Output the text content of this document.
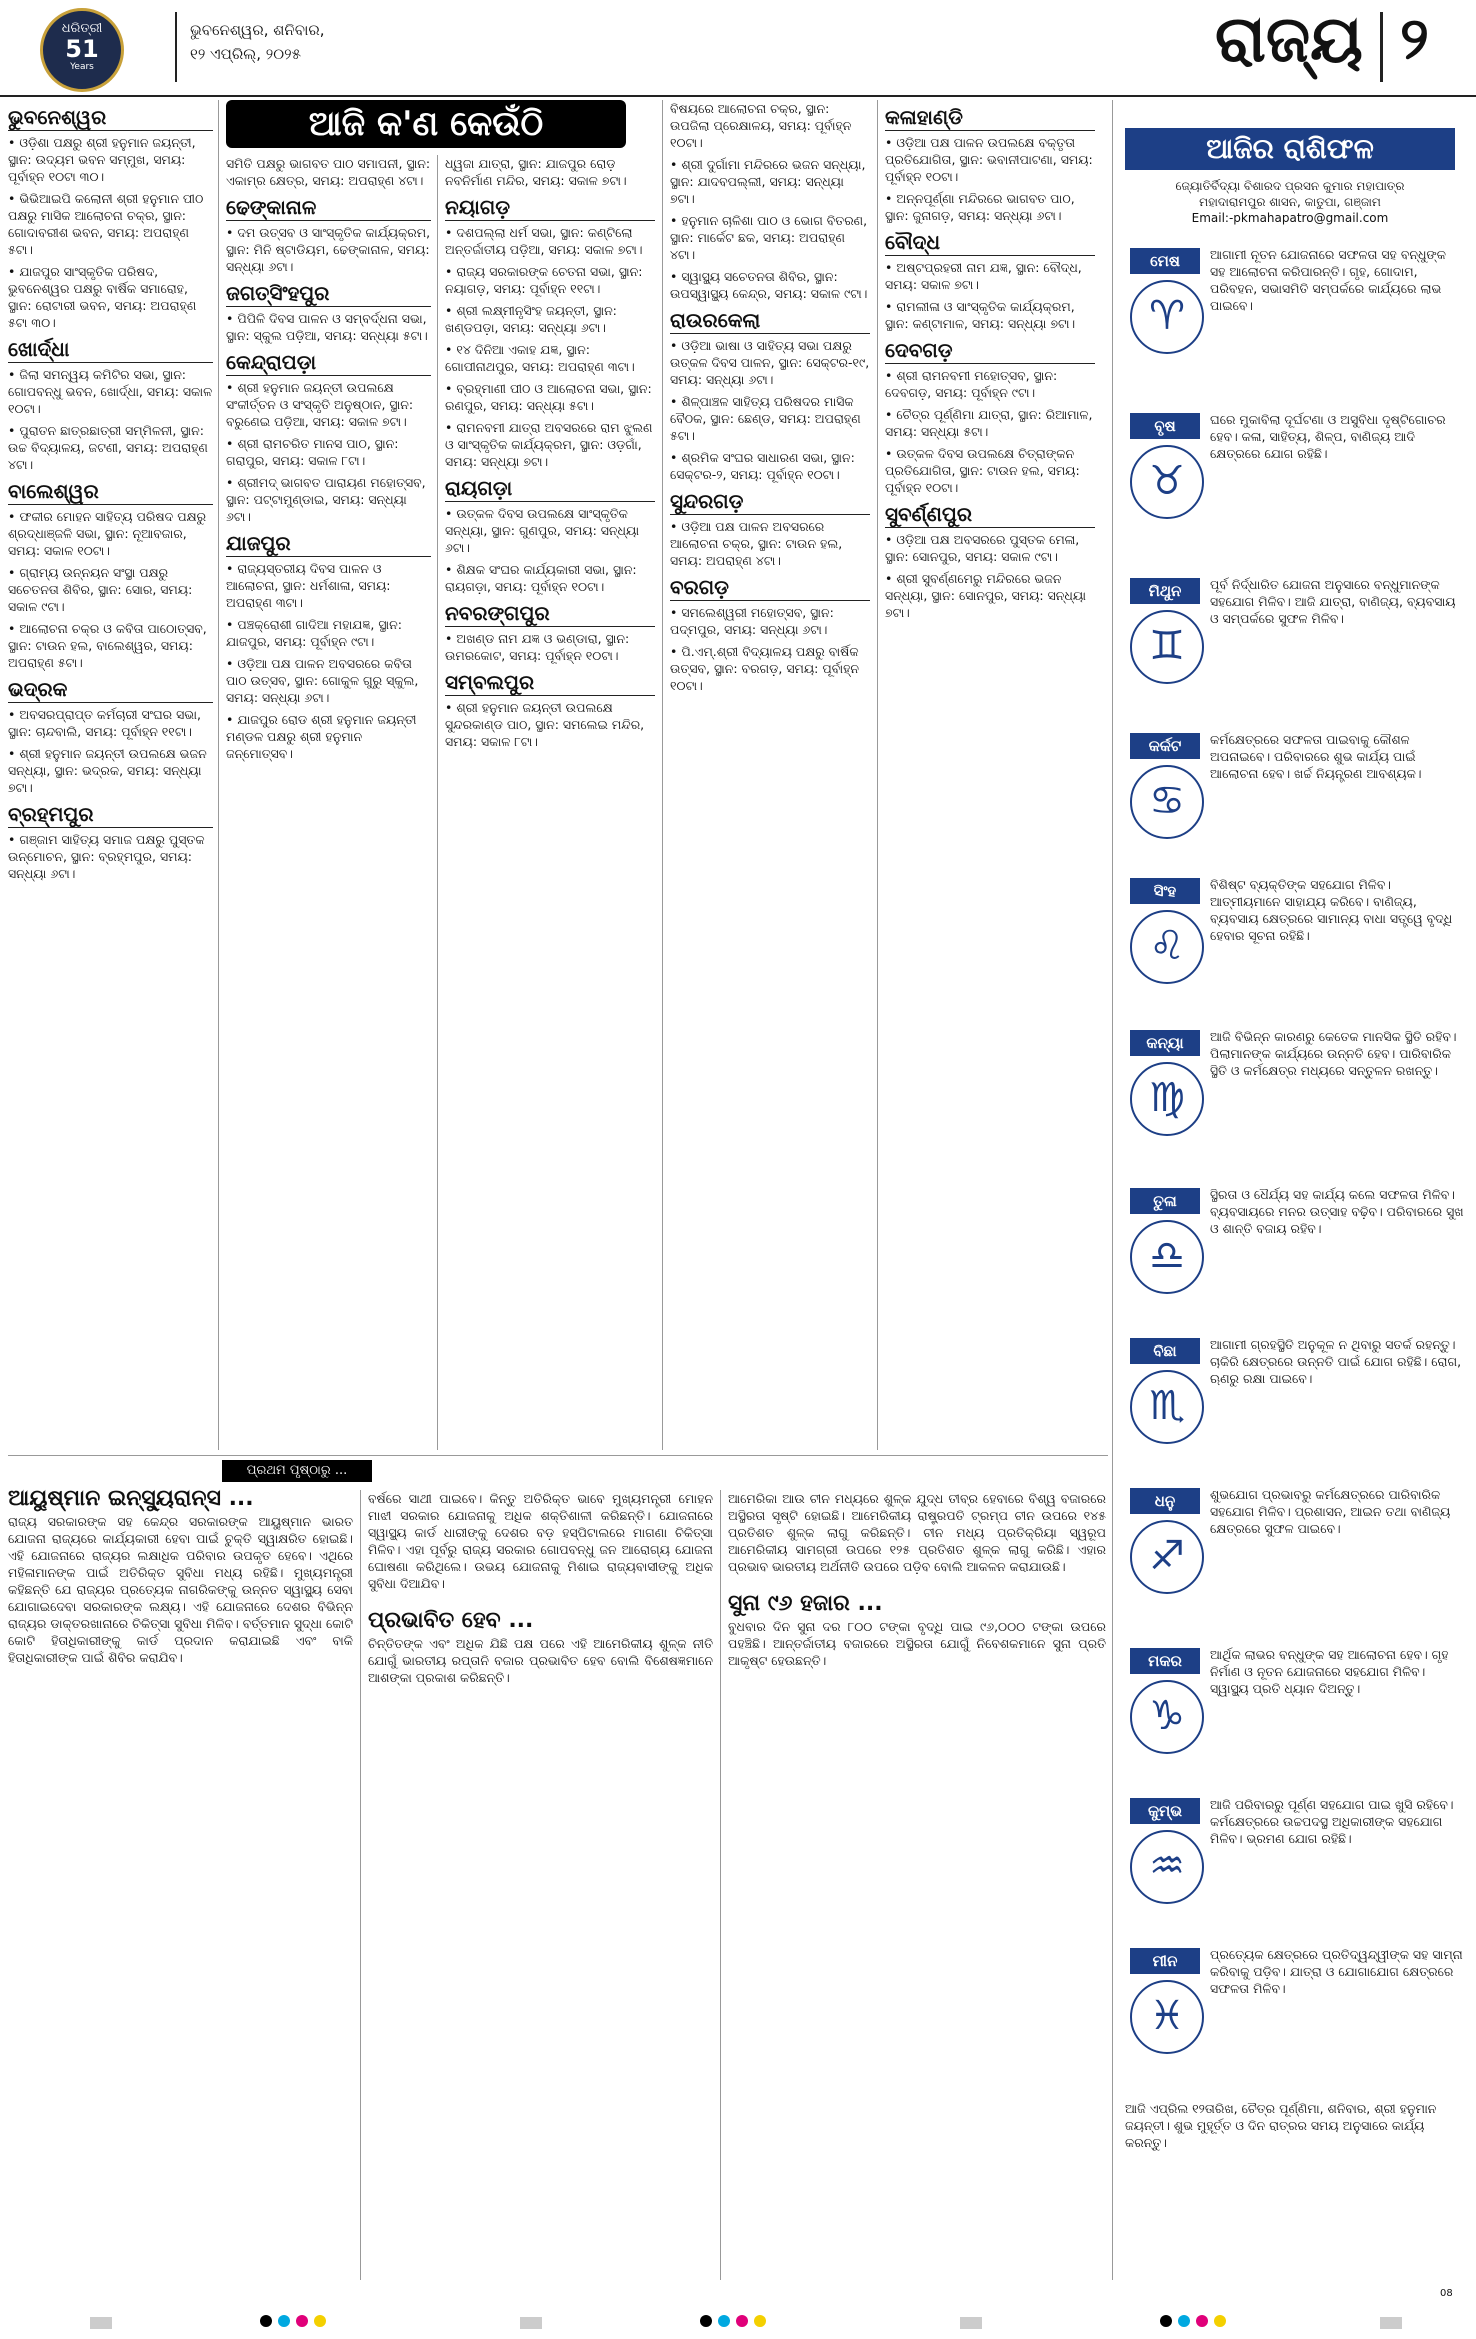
ଧରିତ୍ରୀ
51
Years
ଭୁବନେଶ୍ୱର, ଶନିବାର,
୧୨ ଏପ୍ରିଲ୍‌, ୨୦୨୫	ରାଜ୍ୟ ୨
ଆଜି କ'ଣ କେଉଁଠି
ଭୁବନେଶ୍ୱର

• ଓଡ଼ିଶା ପକ୍ଷରୁ ଶ୍ରୀ ହନୁମାନ ଜୟନ୍ତୀ, ସ୍ଥାନ: ଉଦ୍ୟମ ଭବନ ସମ୍ମୁଖ, ସମୟ: ପୂର୍ବାହ୍ନ ୧୦ଟା ୩୦।

• ଭିଭିଆଇପି କଲୋନୀ ଶ୍ରୀ ହନୁମାନ ପୀଠ ପକ୍ଷରୁ ମାସିକ ଆଲୋଚନା ଚକ୍ର, ସ୍ଥାନ: ଗୋଦାବରୀଶ ଭବନ, ସମୟ: ଅପରାହ୍ଣ ୫ଟା।

• ଯାଜପୁର ସାଂସ୍କୃତିକ ପରିଷଦ, ଭୁବନେଶ୍ୱର ପକ୍ଷରୁ ବାର୍ଷିକ ସମାରୋହ, ସ୍ଥାନ: ରୋଟାରୀ ଭବନ, ସମୟ: ଅପରାହ୍ଣ ୫ଟା ୩୦।

ଖୋର୍ଦ୍ଧା

• ଜିଲା ସମନ୍ୱୟ କମିଟିର ସଭା, ସ୍ଥାନ: ଗୋପବନ୍ଧୁ ଭବନ, ଖୋର୍ଦ୍ଧା, ସମୟ: ସକାଳ ୧୦ଟା।

• ପୁରାତନ ଛାତ୍ରଛାତ୍ରୀ ସମ୍ମିଳନୀ, ସ୍ଥାନ: ଉଚ୍ଚ ବିଦ୍ୟାଳୟ, ଜଟଣୀ, ସମୟ: ଅପରାହ୍ଣ ୪ଟା।

ବାଲେଶ୍ୱର

• ଫକୀର ମୋହନ ସାହିତ୍ୟ ପରିଷଦ ପକ୍ଷରୁ ଶ୍ରଦ୍ଧାଞ୍ଜଳି ସଭା, ସ୍ଥାନ: ନୂଆବଜାର, ସମୟ: ସକାଳ ୧୦ଟା।

• ଗ୍ରାମ୍ୟ ଉନ୍ନୟନ ସଂସ୍ଥା ପକ୍ଷରୁ ସଚେତନତା ଶିବିର, ସ୍ଥାନ: ସୋର, ସମୟ: ସକାଳ ୯ଟା।

• ଆଲୋଚନା ଚକ୍ର ଓ କବିତା ପାଠୋତ୍ସବ, ସ୍ଥାନ: ଟାଉନ ହଲ, ବାଲେଶ୍ୱର, ସମୟ: ଅପରାହ୍ଣ ୫ଟା।

ଭଦ୍ରକ

• ଅବସରପ୍ରାପ୍ତ କର୍ମଚାରୀ ସଂଘର ସଭା, ସ୍ଥାନ: ଚାନ୍ଦବାଲି, ସମୟ: ପୂର୍ବାହ୍ନ ୧୧ଟା।

• ଶ୍ରୀ ହନୁମାନ ଜୟନ୍ତୀ ଉପଲକ୍ଷେ ଭଜନ ସନ୍ଧ୍ୟା, ସ୍ଥାନ: ଭଦ୍ରକ, ସମୟ: ସନ୍ଧ୍ୟା ୭ଟା।

ବ୍ରହ୍ମପୁର

• ଗଞ୍ଜାମ ସାହିତ୍ୟ ସମାଜ ପକ୍ଷରୁ ପୁସ୍ତକ ଉନ୍ମୋଚନ, ସ୍ଥାନ: ବ୍ରହ୍ମପୁର, ସମୟ: ସନ୍ଧ୍ୟା ୬ଟା।

ସମିତି ପକ୍ଷରୁ ଭାଗବତ ପାଠ ସମାପନୀ, ସ୍ଥାନ: ଏକାମ୍ର କ୍ଷେତ୍ର, ସମୟ: ଅପରାହ୍ଣ ୪ଟା।

ଢେଙ୍କାନାଳ

• ଦମ ଉତ୍ସବ ଓ ସାଂସ୍କୃତିକ କାର୍ଯ୍ୟକ୍ରମ, ସ୍ଥାନ: ମିନି ଷ୍ଟାଡିୟମ, ଢେଙ୍କାନାଳ, ସମୟ: ସନ୍ଧ୍ୟା ୬ଟା।

ଜଗତ୍‌ସିଂହପୁର

• ପିପିଳି ଦିବସ ପାଳନ ଓ ସମ୍ବର୍ଦ୍ଧନା ସଭା, ସ୍ଥାନ: ସ୍କୁଲ ପଡ଼ିଆ, ସମୟ: ସନ୍ଧ୍ୟା ୫ଟା।

କେନ୍ଦ୍ରାପଡ଼ା

• ଶ୍ରୀ ହନୁମାନ ଜୟନ୍ତୀ ଉପଲକ୍ଷେ ସଂକୀର୍ତ୍ତନ ଓ ସଂସ୍କୃତି ଅନୁଷ୍ଠାନ, ସ୍ଥାନ: ବରୁଣେଇ ପଡ଼ିଆ, ସମୟ: ସକାଳ ୭ଟା।

• ଶ୍ରୀ ରାମଚରିତ ମାନସ ପାଠ, ସ୍ଥାନ: ଗରାପୁର, ସମୟ: ସକାଳ ୮ଟା।

• ଶ୍ରୀମଦ୍ ଭାଗବତ ପାରାୟଣ ମହୋତ୍ସବ, ସ୍ଥାନ: ପଟ୍ଟାମୁଣ୍ଡାଇ, ସମୟ: ସନ୍ଧ୍ୟା ୬ଟା।

ଯାଜପୁର

• ରାଜ୍ୟସ୍ତରୀୟ ଦିବସ ପାଳନ ଓ ଆଲୋଚନା, ସ୍ଥାନ: ଧର୍ମଶାଳା, ସମୟ: ଅପରାହ୍ଣ ୩ଟା।

• ପଞ୍ଚକ୍ରୋଶୀ ଗାଦିଆ ମହାଯଜ୍ଞ, ସ୍ଥାନ: ଯାଜପୁର, ସମୟ: ପୂର୍ବାହ୍ନ ୯ଟା।

• ଓଡ଼ିଆ ପକ୍ଷ ପାଳନ ଅବସରରେ କବିତା ପାଠ ଉତ୍ସବ, ସ୍ଥାନ: ଗୋକୁଳ ଗୁରୁ ସ୍କୁଲ, ସମୟ: ସନ୍ଧ୍ୟା ୬ଟା।

• ଯାଜପୁର ରୋଡ ଶ୍ରୀ ହନୁମାନ ଜୟନ୍ତୀ ମଣ୍ଡଳ ପକ୍ଷରୁ ଶ୍ରୀ ହନୁମାନ ଜନ୍ମୋତ୍ସବ।

ଧ୍ୱଜା ଯାତ୍ରା, ସ୍ଥାନ: ଯାଜପୁର ରୋଡ଼ ନବନିର୍ମାଣ ମନ୍ଦିର, ସମୟ: ସକାଳ ୭ଟା।

ନୟାଗଡ଼

• ଦଶପଲ୍ଲା ଧର୍ମ ସଭା, ସ୍ଥାନ: କଣ୍ଟିଲୋ ଅନ୍ତର୍ଜାତୀୟ ପଡ଼ିଆ, ସମୟ: ସକାଳ ୭ଟା।

• ରାଜ୍ୟ ସରକାରଙ୍କ ଚେତନା ସଭା, ସ୍ଥାନ: ନୟାଗଡ଼, ସମୟ: ପୂର୍ବାହ୍ନ ୧୧ଟା।

• ଶ୍ରୀ ଲକ୍ଷ୍ମୀନୃସିଂହ ଜୟନ୍ତୀ, ସ୍ଥାନ: ଖଣ୍ଡପଡ଼ା, ସମୟ: ସନ୍ଧ୍ୟା ୬ଟା।

• ୧୪ ଦିନିଆ ଏକାହ ଯଜ୍ଞ, ସ୍ଥାନ: ଗୋପୀନାଥପୁର, ସମୟ: ଅପରାହ୍ଣ ୩ଟା।

• ବ୍ରହ୍ମାଣୀ ପୀଠ ଓ ଆଲୋଚନା ସଭା, ସ୍ଥାନ: ରଣପୁର, ସମୟ: ସନ୍ଧ୍ୟା ୫ଟା।

• ରାମନବମୀ ଯାତ୍ରା ଅବସରରେ ରାମ ଝୁଲଣ ଓ ସାଂସ୍କୃତିକ କାର୍ଯ୍ୟକ୍ରମ, ସ୍ଥାନ: ଓଡ଼ଗାଁ, ସମୟ: ସନ୍ଧ୍ୟା ୭ଟା।

ରାୟଗଡ଼ା

• ଉତ୍କଳ ଦିବସ ଉପଲକ୍ଷେ ସାଂସ୍କୃତିକ ସନ୍ଧ୍ୟା, ସ୍ଥାନ: ଗୁଣପୁର, ସମୟ: ସନ୍ଧ୍ୟା ୬ଟା।

• ଶିକ୍ଷକ ସଂଘର କାର୍ଯ୍ୟକାରୀ ସଭା, ସ୍ଥାନ: ରାୟଗଡ଼ା, ସମୟ: ପୂର୍ବାହ୍ନ ୧୦ଟା।

ନବରଙ୍ଗପୁର

• ଅଖଣ୍ଡ ନାମ ଯଜ୍ଞ ଓ ଭଣ୍ଡାରା, ସ୍ଥାନ: ଉମରକୋଟ, ସମୟ: ପୂର୍ବାହ୍ନ ୧୦ଟା।

ସମ୍ବଲପୁର

• ଶ୍ରୀ ହନୁମାନ ଜୟନ୍ତୀ ଉପଲକ୍ଷେ ସୁନ୍ଦରକାଣ୍ଡ ପାଠ, ସ୍ଥାନ: ସମଲେଇ ମନ୍ଦିର, ସମୟ: ସକାଳ ୮ଟା।

ବିଷୟରେ ଆଲୋଚନା ଚକ୍ର, ସ୍ଥାନ: ଉପଜିଲା ପ୍ରେକ୍ଷାଳୟ, ସମୟ: ପୂର୍ବାହ୍ନ ୧୦ଟା।

• ଶ୍ରୀ ଦୁର୍ଗାମା ମନ୍ଦିରରେ ଭଜନ ସନ୍ଧ୍ୟା, ସ୍ଥାନ: ଯାଦବପଲ୍ଲୀ, ସମୟ: ସନ୍ଧ୍ୟା ୭ଟା।

• ହନୁମାନ ଚାଳିଶା ପାଠ ଓ ଭୋଗ ବିତରଣ, ସ୍ଥାନ: ମାର୍କେଟ ଛକ, ସମୟ: ଅପରାହ୍ଣ ୪ଟା।

• ସ୍ୱାସ୍ଥ୍ୟ ସଚେତନତା ଶିବିର, ସ୍ଥାନ: ଉପସ୍ୱାସ୍ଥ୍ୟ କେନ୍ଦ୍ର, ସମୟ: ସକାଳ ୯ଟା।

ରାଉରକେଲା

• ଓଡ଼ିଆ ଭାଷା ଓ ସାହିତ୍ୟ ସଭା ପକ୍ଷରୁ ଉତ୍କଳ ଦିବସ ପାଳନ, ସ୍ଥାନ: ସେକ୍ଟର-୧୯, ସମୟ: ସନ୍ଧ୍ୟା ୬ଟା।

• ଶିଳ୍ପାଞ୍ଚଳ ସାହିତ୍ୟ ପରିଷଦର ମାସିକ ବୈଠକ, ସ୍ଥାନ: ଛେଣ୍ଡ, ସମୟ: ଅପରାହ୍ଣ ୫ଟା।

• ଶ୍ରମିକ ସଂଘର ସାଧାରଣ ସଭା, ସ୍ଥାନ: ସେକ୍ଟର-୨, ସମୟ: ପୂର୍ବାହ୍ନ ୧୦ଟା।

ସୁନ୍ଦରଗଡ଼

• ଓଡ଼ିଆ ପକ୍ଷ ପାଳନ ଅବସରରେ ଆଲୋଚନା ଚକ୍ର, ସ୍ଥାନ: ଟାଉନ ହଲ, ସମୟ: ଅପରାହ୍ଣ ୪ଟା।

ବରଗଡ଼

• ସମଲେଶ୍ୱରୀ ମହୋତ୍ସବ, ସ୍ଥାନ: ପଦ୍ମପୁର, ସମୟ: ସନ୍ଧ୍ୟା ୬ଟା।

• ପି.ଏମ୍‌.ଶ୍ରୀ ବିଦ୍ୟାଳୟ ପକ୍ଷରୁ ବାର୍ଷିକ ଉତ୍ସବ, ସ୍ଥାନ: ବରଗଡ଼, ସମୟ: ପୂର୍ବାହ୍ନ ୧୦ଟା।

କଳାହାଣ୍ଡି

• ଓଡ଼ିଆ ପକ୍ଷ ପାଳନ ଉପଲକ୍ଷେ ବକ୍ତୃତା ପ୍ରତିଯୋଗିତା, ସ୍ଥାନ: ଭବାନୀପାଟଣା, ସମୟ: ପୂର୍ବାହ୍ନ ୧୦ଟା।

• ଅନ୍ନପୂର୍ଣ୍ଣା ମନ୍ଦିରରେ ଭାଗବତ ପାଠ, ସ୍ଥାନ: ଜୁନାଗଡ଼, ସମୟ: ସନ୍ଧ୍ୟା ୬ଟା।

ବୌଦ୍ଧ

• ଅଷ୍ଟପ୍ରହରୀ ନାମ ଯଜ୍ଞ, ସ୍ଥାନ: ବୌଦ୍ଧ, ସମୟ: ସକାଳ ୭ଟା।

• ରାମଲୀଳା ଓ ସାଂସ୍କୃତିକ କାର୍ଯ୍ୟକ୍ରମ, ସ୍ଥାନ: କଣ୍ଟାମାଳ, ସମୟ: ସନ୍ଧ୍ୟା ୭ଟା।

ଦେବଗଡ଼

• ଶ୍ରୀ ରାମନବମୀ ମହୋତ୍ସବ, ସ୍ଥାନ: ଦେବଗଡ଼, ସମୟ: ପୂର୍ବାହ୍ନ ୯ଟା।

• ଚୈତ୍ର ପୂର୍ଣ୍ଣିମା ଯାତ୍ରା, ସ୍ଥାନ: ରିଆମାଳ, ସମୟ: ସନ୍ଧ୍ୟା ୫ଟା।

• ଉତ୍କଳ ଦିବସ ଉପଲକ୍ଷେ ଚିତ୍ରାଙ୍କନ ପ୍ରତିଯୋଗିତା, ସ୍ଥାନ: ଟାଉନ ହଲ, ସମୟ: ପୂର୍ବାହ୍ନ ୧୦ଟା।

ସୁବର୍ଣ୍ଣପୁର

• ଓଡ଼ିଆ ପକ୍ଷ ଅବସରରେ ପୁସ୍ତକ ମେଳା, ସ୍ଥାନ: ସୋନପୁର, ସମୟ: ସକାଳ ୯ଟା।

• ଶ୍ରୀ ସୁବର୍ଣ୍ଣମେରୁ ମନ୍ଦିରରେ ଭଜନ ସନ୍ଧ୍ୟା, ସ୍ଥାନ: ସୋନପୁର, ସମୟ: ସନ୍ଧ୍ୟା ୭ଟା।

ଆଜିର ରାଶିଫଳ
ଜ୍ୟୋତିର୍ବିଦ୍ୟା ବିଶାରଦ ପ୍ରସନ କୁମାର ମହାପାତ୍ର
ମହାଦାରାମପୁର ଶାସନ, କାତୁପା, ଗଞ୍ଜାମ
Email:-pkmahapatro@gmail.com
ମେଷ
♈
ଆଗାମୀ ନୂତନ ଯୋଜନାରେ ସଫଳତା ସହ ବନ୍ଧୁଙ୍କ ସହ ଆଲୋଚନା କରିପାରନ୍ତି। ଗୃହ, ଗୋଦାମ, ପରିବହନ, ସଭାସମିତି ସମ୍ପର୍କରେ କାର୍ଯ୍ୟରେ ଲାଭ ପାଇବେ।
ବୃଷ
♉
ଘରେ ମୁକାବିଲା ଦୂର୍ଘଟଣା ଓ ଅସୁବିଧା ଦୃଷ୍ଟିଗୋଚର ହେବ। କଳା, ସାହିତ୍ୟ, ଶିଳ୍ପ, ବାଣିଜ୍ୟ ଆଦି କ୍ଷେତ୍ରରେ ଯୋଗ ରହିଛି।
ମିଥୁନ
♊
ପୂର୍ବ ନିର୍ଦ୍ଧାରିତ ଯୋଜନା ଅନୁସାରେ ବନ୍ଧୁମାନଙ୍କ ସହଯୋଗ ମିଳିବ। ଆଜି ଯାତ୍ରା, ବାଣିଜ୍ୟ, ବ୍ୟବସାୟ ଓ ସମ୍ପର୍କରେ ସୁଫଳ ମିଳିବ।
କର୍କଟ
♋
କର୍ମକ୍ଷେତ୍ରରେ ସଫଳତା ପାଇବାକୁ କୌଶଳ ଅପନାଇବେ। ପରିବାରରେ ଶୁଭ କାର୍ଯ୍ୟ ପାଇଁ ଆଲୋଚନା ହେବ। ଖର୍ଚ୍ଚ ନିୟନ୍ତ୍ରଣ ଆବଶ୍ୟକ।
ସିଂହ
♌
ବିଶିଷ୍ଟ ବ୍ୟକ୍ତିଙ୍କ ସହଯୋଗ ମିଳିବ। ଆତ୍ମୀୟମାନେ ସାହାଯ୍ୟ କରିବେ। ବାଣିଜ୍ୟ, ବ୍ୟବସାୟ କ୍ଷେତ୍ରରେ ସାମାନ୍ୟ ବାଧା ସତ୍ତ୍ୱେ ବୃଦ୍ଧି ହେବାର ସୂଚନା ରହିଛି।
କନ୍ୟା
♍
ଆଜି ବିଭିନ୍ନ କାରଣରୁ କେତେକ ମାନସିକ ସ୍ଥିତି ରହିବ। ପିଲାମାନଙ୍କ କାର୍ଯ୍ୟରେ ଉନ୍ନତି ହେବ। ପାରିବାରିକ ସ୍ଥିତି ଓ କର୍ମକ୍ଷେତ୍ର ମଧ୍ୟରେ ସନ୍ତୁଳନ ରଖନ୍ତୁ।
ତୁଳା
♎
ସ୍ଥିରତା ଓ ଧୈର୍ଯ୍ୟ ସହ କାର୍ଯ୍ୟ କଲେ ସଫଳତା ମିଳିବ। ବ୍ୟବସାୟରେ ମନର ଉତ୍ସାହ ବଢ଼ିବ। ପରିବାରରେ ସୁଖ ଓ ଶାନ୍ତି ବଜାୟ ରହିବ।
ବିଛା
♏
ଆଗାମୀ ଗ୍ରହସ୍ଥିତି ଅନୁକୂଳ ନ ଥିବାରୁ ସତର୍କ ରହନ୍ତୁ। ଚାକିରି କ୍ଷେତ୍ରରେ ଉନ୍ନତି ପାଇଁ ଯୋଗ ରହିଛି। ରୋଗ, ଋଣରୁ ରକ୍ଷା ପାଇବେ।
ଧନୁ
♐
ଶୁଭଯୋଗ ପ୍ରଭାବରୁ କର୍ମକ୍ଷେତ୍ରରେ ପାରିବାରିକ ସହଯୋଗ ମିଳିବ। ପ୍ରଶାସନ, ଆଇନ ତଥା ବାଣିଜ୍ୟ କ୍ଷେତ୍ରରେ ସୁଫଳ ପାଇବେ।
ମକର
♑
ଆର୍ଥିକ ଲାଭର ବନ୍ଧୁଙ୍କ ସହ ଆଲୋଚନା ହେବ। ଗୃହ ନିର୍ମାଣ ଓ ନୂତନ ଯୋଜନାରେ ସହଯୋଗ ମିଳିବ। ସ୍ୱାସ୍ଥ୍ୟ ପ୍ରତି ଧ୍ୟାନ ଦିଅନ୍ତୁ।
କୁମ୍ଭ
♒
ଆଜି ପରିବାରରୁ ପୂର୍ଣ୍ଣ ସହଯୋଗ ପାଇ ଖୁସି ରହିବେ। କର୍ମକ୍ଷେତ୍ରରେ ଉଚ୍ଚପଦସ୍ଥ ଅଧିକାରୀଙ୍କ ସହଯୋଗ ମିଳିବ। ଭ୍ରମଣ ଯୋଗ ରହିଛି।
ମୀନ
♓
ପ୍ରତ୍ୟେକ କ୍ଷେତ୍ରରେ ପ୍ରତିଦ୍ୱନ୍ଦ୍ୱୀଙ୍କ ସହ ସାମ୍ନା କରିବାକୁ ପଡ଼ିବ। ଯାତ୍ରା ଓ ଯୋଗାଯୋଗ କ୍ଷେତ୍ରରେ ସଫଳତା ମିଳିବ।
ଆଜି ଏପ୍ରିଲ ୧୨ତାରିଖ, ଚୈତ୍ର ପୂର୍ଣ୍ଣିମା, ଶନିବାର, ଶ୍ରୀ ହନୁମାନ ଜୟନ୍ତୀ। ଶୁଭ ମୁହୂର୍ତ୍ତ ଓ ଦିନ ରାତ୍ରର ସମୟ ଅନୁସାରେ କାର୍ଯ୍ୟ କରନ୍ତୁ।
ପ୍ରଥମ ପୃଷ୍ଠାରୁ ...
ଆୟୁଷ୍ମାନ ଇନ୍ସ୍ୟୁରାନ୍ସ ...

ରାଜ୍ୟ ସରକାରଙ୍କ ସହ କେନ୍ଦ୍ର ସରକାରଙ୍କ ଆୟୁଷ୍ମାନ ଭାରତ ଯୋଜନା ରାଜ୍ୟରେ କାର୍ଯ୍ୟକାରୀ ହେବା ପାଇଁ ଚୁକ୍ତି ସ୍ୱାକ୍ଷରିତ ହୋଇଛି। ଏହି ଯୋଜନାରେ ରାଜ୍ୟର ଲକ୍ଷାଧିକ ପରିବାର ଉପକୃତ ହେବେ। ଏଥିରେ ମହିଳାମାନଙ୍କ ପାଇଁ ଅତିରିକ୍ତ ସୁବିଧା ମଧ୍ୟ ରହିଛି। ମୁଖ୍ୟମନ୍ତ୍ରୀ କହିଛନ୍ତି ଯେ ରାଜ୍ୟର ପ୍ରତ୍ୟେକ ନାଗରିକଙ୍କୁ ଉନ୍ନତ ସ୍ୱାସ୍ଥ୍ୟ ସେବା ଯୋଗାଇଦେବା ସରକାରଙ୍କ ଲକ୍ଷ୍ୟ। ଏହି ଯୋଜନାରେ ଦେଶର ବିଭିନ୍ନ ରାଜ୍ୟର ଡାକ୍ତରଖାନାରେ ଚିକିତ୍ସା ସୁବିଧା ମିଳିବ। ବର୍ତ୍ତମାନ ସୁଦ୍ଧା କୋଟି କୋଟି ହିତାଧିକାରୀଙ୍କୁ କାର୍ଡ ପ୍ରଦାନ କରାଯାଇଛି ଏବଂ ବାକି ହିତାଧିକାରୀଙ୍କ ପାଇଁ ଶିବିର କରାଯିବ।

ବର୍ଷରେ ସାଥୀ ପାଇବେ। କିନ୍ତୁ ଅତିରିକ୍ତ ଭାବେ ମୁଖ୍ୟମନ୍ତ୍ରୀ ମୋହନ ମାଝୀ ସରକାର ଯୋଜନାକୁ ଅଧିକ ଶକ୍ତିଶାଳୀ କରିଛନ୍ତି। ଯୋଜନାରେ ସ୍ୱାସ୍ଥ୍ୟ କାର୍ଡ ଧାରୀଙ୍କୁ ଦେଶର ବଡ଼ ହସ୍ପିଟାଲରେ ମାଗଣା ଚିକିତ୍ସା ମିଳିବ। ଏହା ପୂର୍ବରୁ ରାଜ୍ୟ ସରକାର ଗୋପବନ୍ଧୁ ଜନ ଆରୋଗ୍ୟ ଯୋଜନା ଘୋଷଣା କରିଥିଲେ। ଉଭୟ ଯୋଜନାକୁ ମିଶାଇ ରାଜ୍ୟବାସୀଙ୍କୁ ଅଧିକ ସୁବିଧା ଦିଆଯିବ।

ପ୍ରଭାବିତ ହେବ ...

ଚିନ୍ତିତଙ୍କ ଏବଂ ଅଧିକ ଯିଛି ପକ୍ଷ ପରେ ଏହି ଆମେରିକୀୟ ଶୁଳ୍କ ନୀତି ଯୋଗୁଁ ଭାରତୀୟ ରପ୍ତାନି ବଜାର ପ୍ରଭାବିତ ହେବ ବୋଲି ବିଶେଷଜ୍ଞମାନେ ଆଶଙ୍କା ପ୍ରକାଶ କରିଛନ୍ତି।

ଆମେରିକା ଆଉ ଚୀନ ମଧ୍ୟରେ ଶୁଳ୍କ ଯୁଦ୍ଧ ତୀବ୍ର ହେବାରେ ବିଶ୍ୱ ବଜାରରେ ଅସ୍ଥିରତା ସୃଷ୍ଟି ହୋଇଛି। ଆମେରିକୀୟ ରାଷ୍ଟ୍ରପତି ଟ୍ରମ୍ପ ଚୀନ ଉପରେ ୧୪୫ ପ୍ରତିଶତ ଶୁଳ୍କ ଲାଗୁ କରିଛନ୍ତି। ଚୀନ ମଧ୍ୟ ପ୍ରତିକ୍ରିୟା ସ୍ୱରୂପ ଆମେରିକୀୟ ସାମଗ୍ରୀ ଉପରେ ୧୨୫ ପ୍ରତିଶତ ଶୁଳ୍କ ଲାଗୁ କରିଛି। ଏହାର ପ୍ରଭାବ ଭାରତୀୟ ଅର୍ଥନୀତି ଉପରେ ପଡ଼ିବ ବୋଲି ଆକଳନ କରାଯାଉଛି।

ସୁନା ୯୬ ହଜାର ...

ବୁଧବାର ଦିନ ସୁନା ଦର ୮୦୦ ଟଙ୍କା ବୃଦ୍ଧି ପାଇ ୯୬,୦୦୦ ଟଙ୍କା ଉପରେ ପହଞ୍ଚିଛି। ଆନ୍ତର୍ଜାତୀୟ ବଜାରରେ ଅସ୍ଥିରତା ଯୋଗୁଁ ନିବେଶକମାନେ ସୁନା ପ୍ରତି ଆକୃଷ୍ଟ ହେଉଛନ୍ତି।

08
